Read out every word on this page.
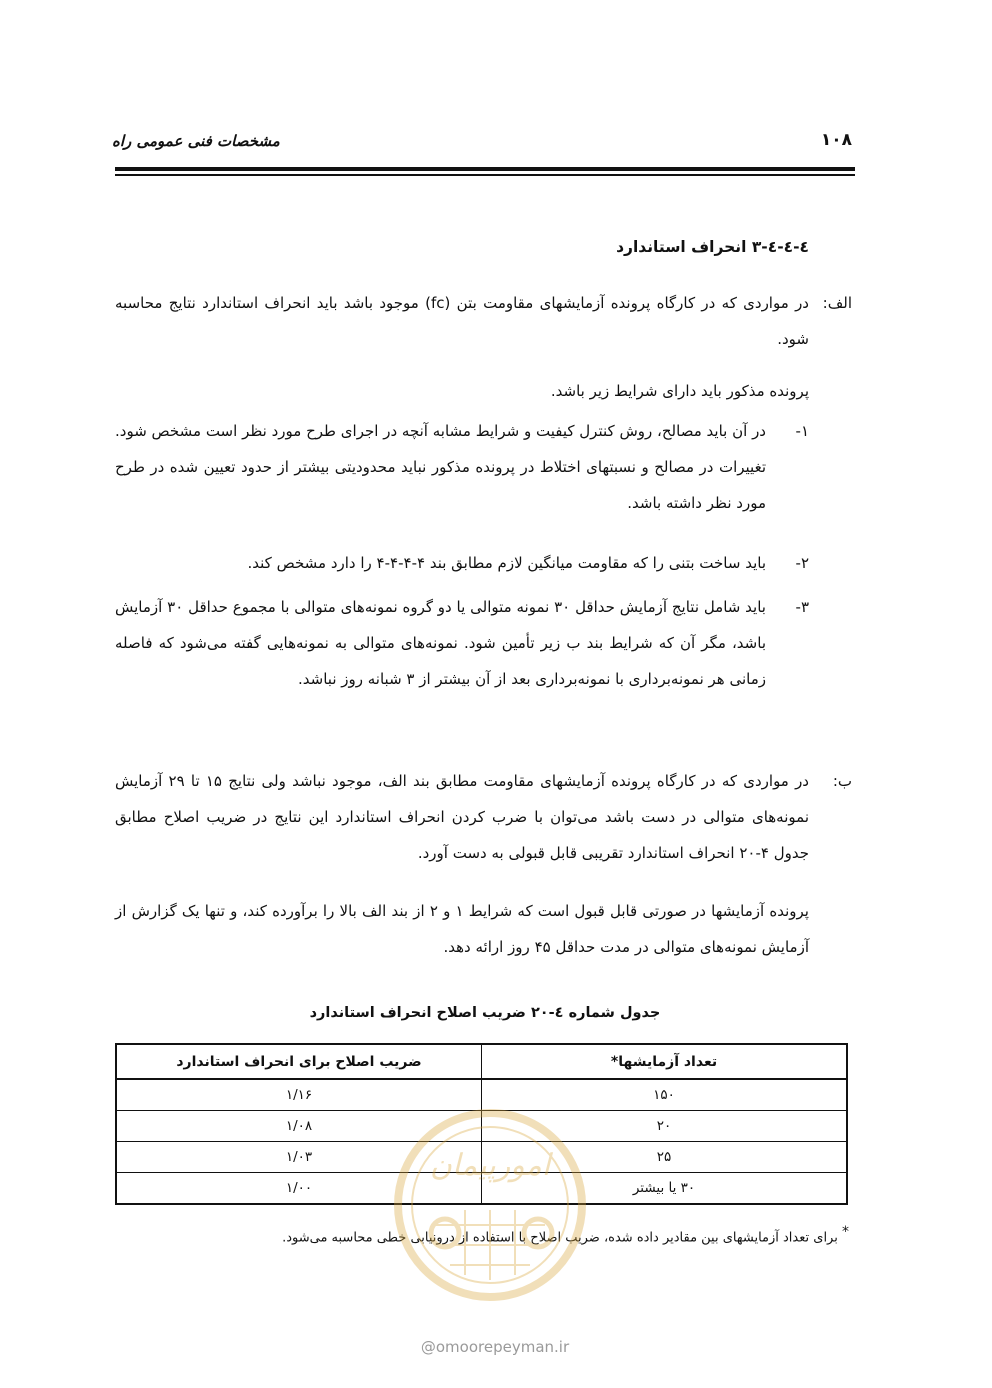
۱۰۸
مشخصات فنی عمومی راه
٤-٤-٤-٣ انحراف استاندارد
الف:
در مواردی که در کارگاه پرونده آزمایشهای مقاومت بتن (fc) موجود باشد باید انحراف استاندارد نتایج محاسبه شود.
پرونده مذکور باید دارای شرایط زیر باشد.
۱-
در آن باید مصالح، روش کنترل کیفیت و شرایط مشابه آنچه در اجرای طرح مورد نظر است مشخص شود. تغییرات در مصالح و نسبتهای اختلاط در پرونده مذکور نباید محدودیتی بیشتر از حدود تعیین شده در طرح مورد نظر داشته باشد.
۲-
باید ساخت بتنی را که مقاومت میانگین لازم مطابق بند ۴-۴-۴-۴ را دارد مشخص کند.
۳-
باید شامل نتایج آزمایش حداقل ۳۰ نمونه متوالی یا دو گروه نمونه‌های متوالی با مجموع حداقل ۳۰ آزمایش باشد، مگر آن که شرایط بند ب زیر تأمین شود. نمونه‌های متوالی به نمونه‌هایی گفته می‌شود که فاصله زمانی هر نمونه‌برداری با نمونه‌برداری بعد از آن بیشتر از ۳ شبانه روز نباشد.
ب:
در مواردی که در کارگاه پرونده آزمایشهای مقاومت مطابق بند الف، موجود نباشد ولی نتایج ۱۵ تا ۲۹ آزمایش نمونه‌های متوالی در دست باشد می‌توان با ضرب کردن انحراف استاندارد این نتایج در ضریب اصلاح مطابق جدول ۴-۲۰ انحراف استاندارد تقریبی قابل قبولی به دست آورد.
پرونده آزمایشها در صورتی قابل قبول است که شرایط ۱ و ۲ از بند الف بالا را برآورده کند، و تنها یک گزارش از آزمایش نمونه‌های متوالی در مدت حداقل ۴۵ روز ارائه دهد.
جدول شماره ٤-۲۰ ضریب اصلاح انحراف استاندارد
تعداد آزمایشها*	ضریب اصلاح برای انحراف استاندارد
۱۵۰	۱/۱۶
۲۰	۱/۰۸
۲۵	۱/۰۳
۳۰ یا بیشتر	۱/۰۰
* برای تعداد آزمایشهای بین مقادیر داده شده، ضریب اصلاح با استفاده از درونیابی خطی محاسبه می‌شود.
امورپیمان
@omoorepeyman.ir
